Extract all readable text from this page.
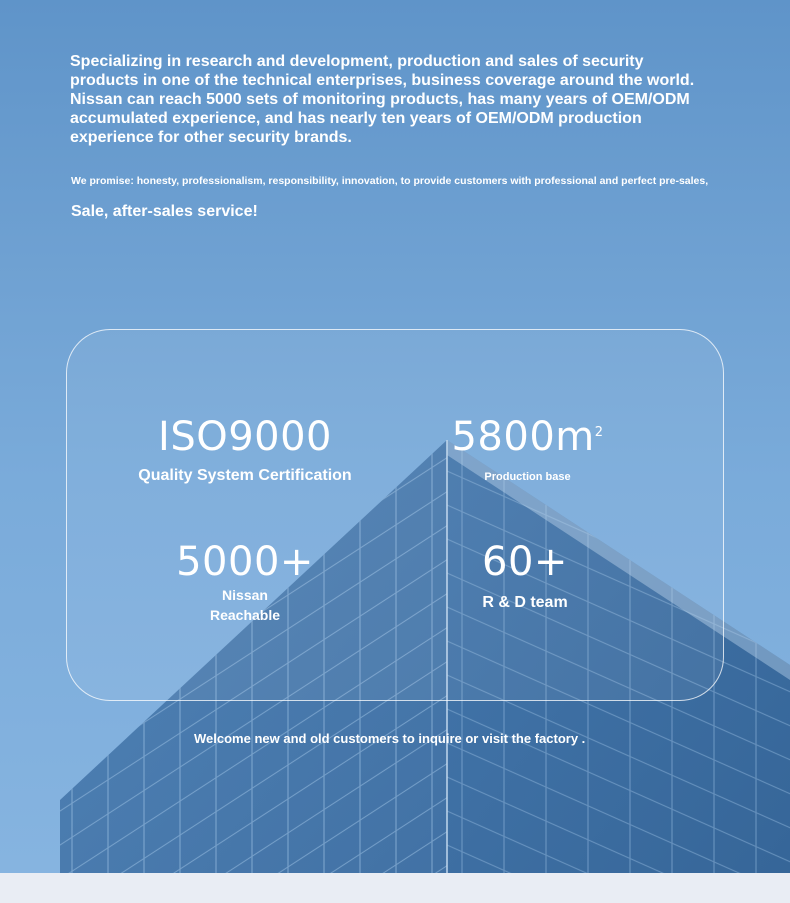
Specializing in research and development, production and sales of security products in one of the technical enterprises, business coverage around the world. Nissan can reach 5000 sets of monitoring products, has many years of OEM/ODM accumulated experience, and has nearly ten years of OEM/ODM production experience for other security brands.

We promise: honesty, professionalism, responsibility, innovation, to provide customers with professional and perfect pre-sales,

Sale, after-sales service!

ISO9000
Quality System Certification
$5800m^2$
Production base
5000+
Nissan
Reachable
60+
R & D team

Welcome new and old customers to inquire or visit the factory .
